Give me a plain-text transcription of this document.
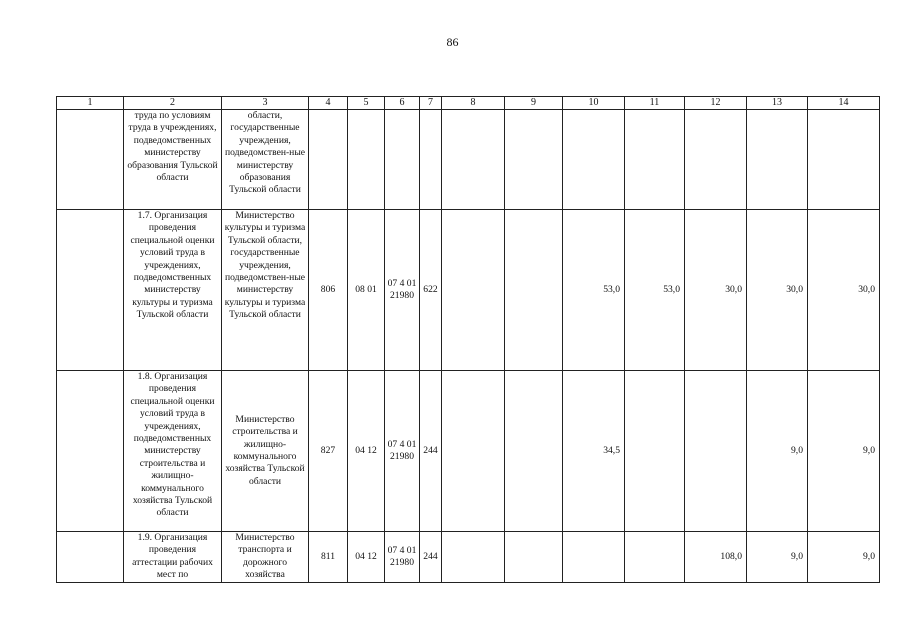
86
1	2	3	4	5	6	7	8	9	10	11	12	13	14
	труда по условиям труда в учреждениях, подведомственных министерству образования Тульской области	области, государственные учреждения, подведомствен-ные министерству образования Тульской области											
	1.7. Организация проведения специальной оценки условий труда в учреждениях, подведомственных министерству культуры и туризма Тульской области	Министерство культуры и туризма Тульской области, государственные учреждения, подведомствен-ные министерству культуры и туризма Тульской области	806	08 01	07 4 01 21980	622			53,0	53,0	30,0	30,0	30,0
	1.8. Организация проведения специальной оценки условий труда в учреждениях, подведомственных министерству строительства и жилищно-коммунального хозяйства Тульской области	Министерство строительства и жилищно-коммунального хозяйства Тульской области	827	04 12	07 4 01 21980	244			34,5			9,0	9,0
	1.9. Организация проведения аттестации рабочих мест по	Министерство транспорта и дорожного хозяйства	811	04 12	07 4 01 21980	244					108,0	9,0	9,0
